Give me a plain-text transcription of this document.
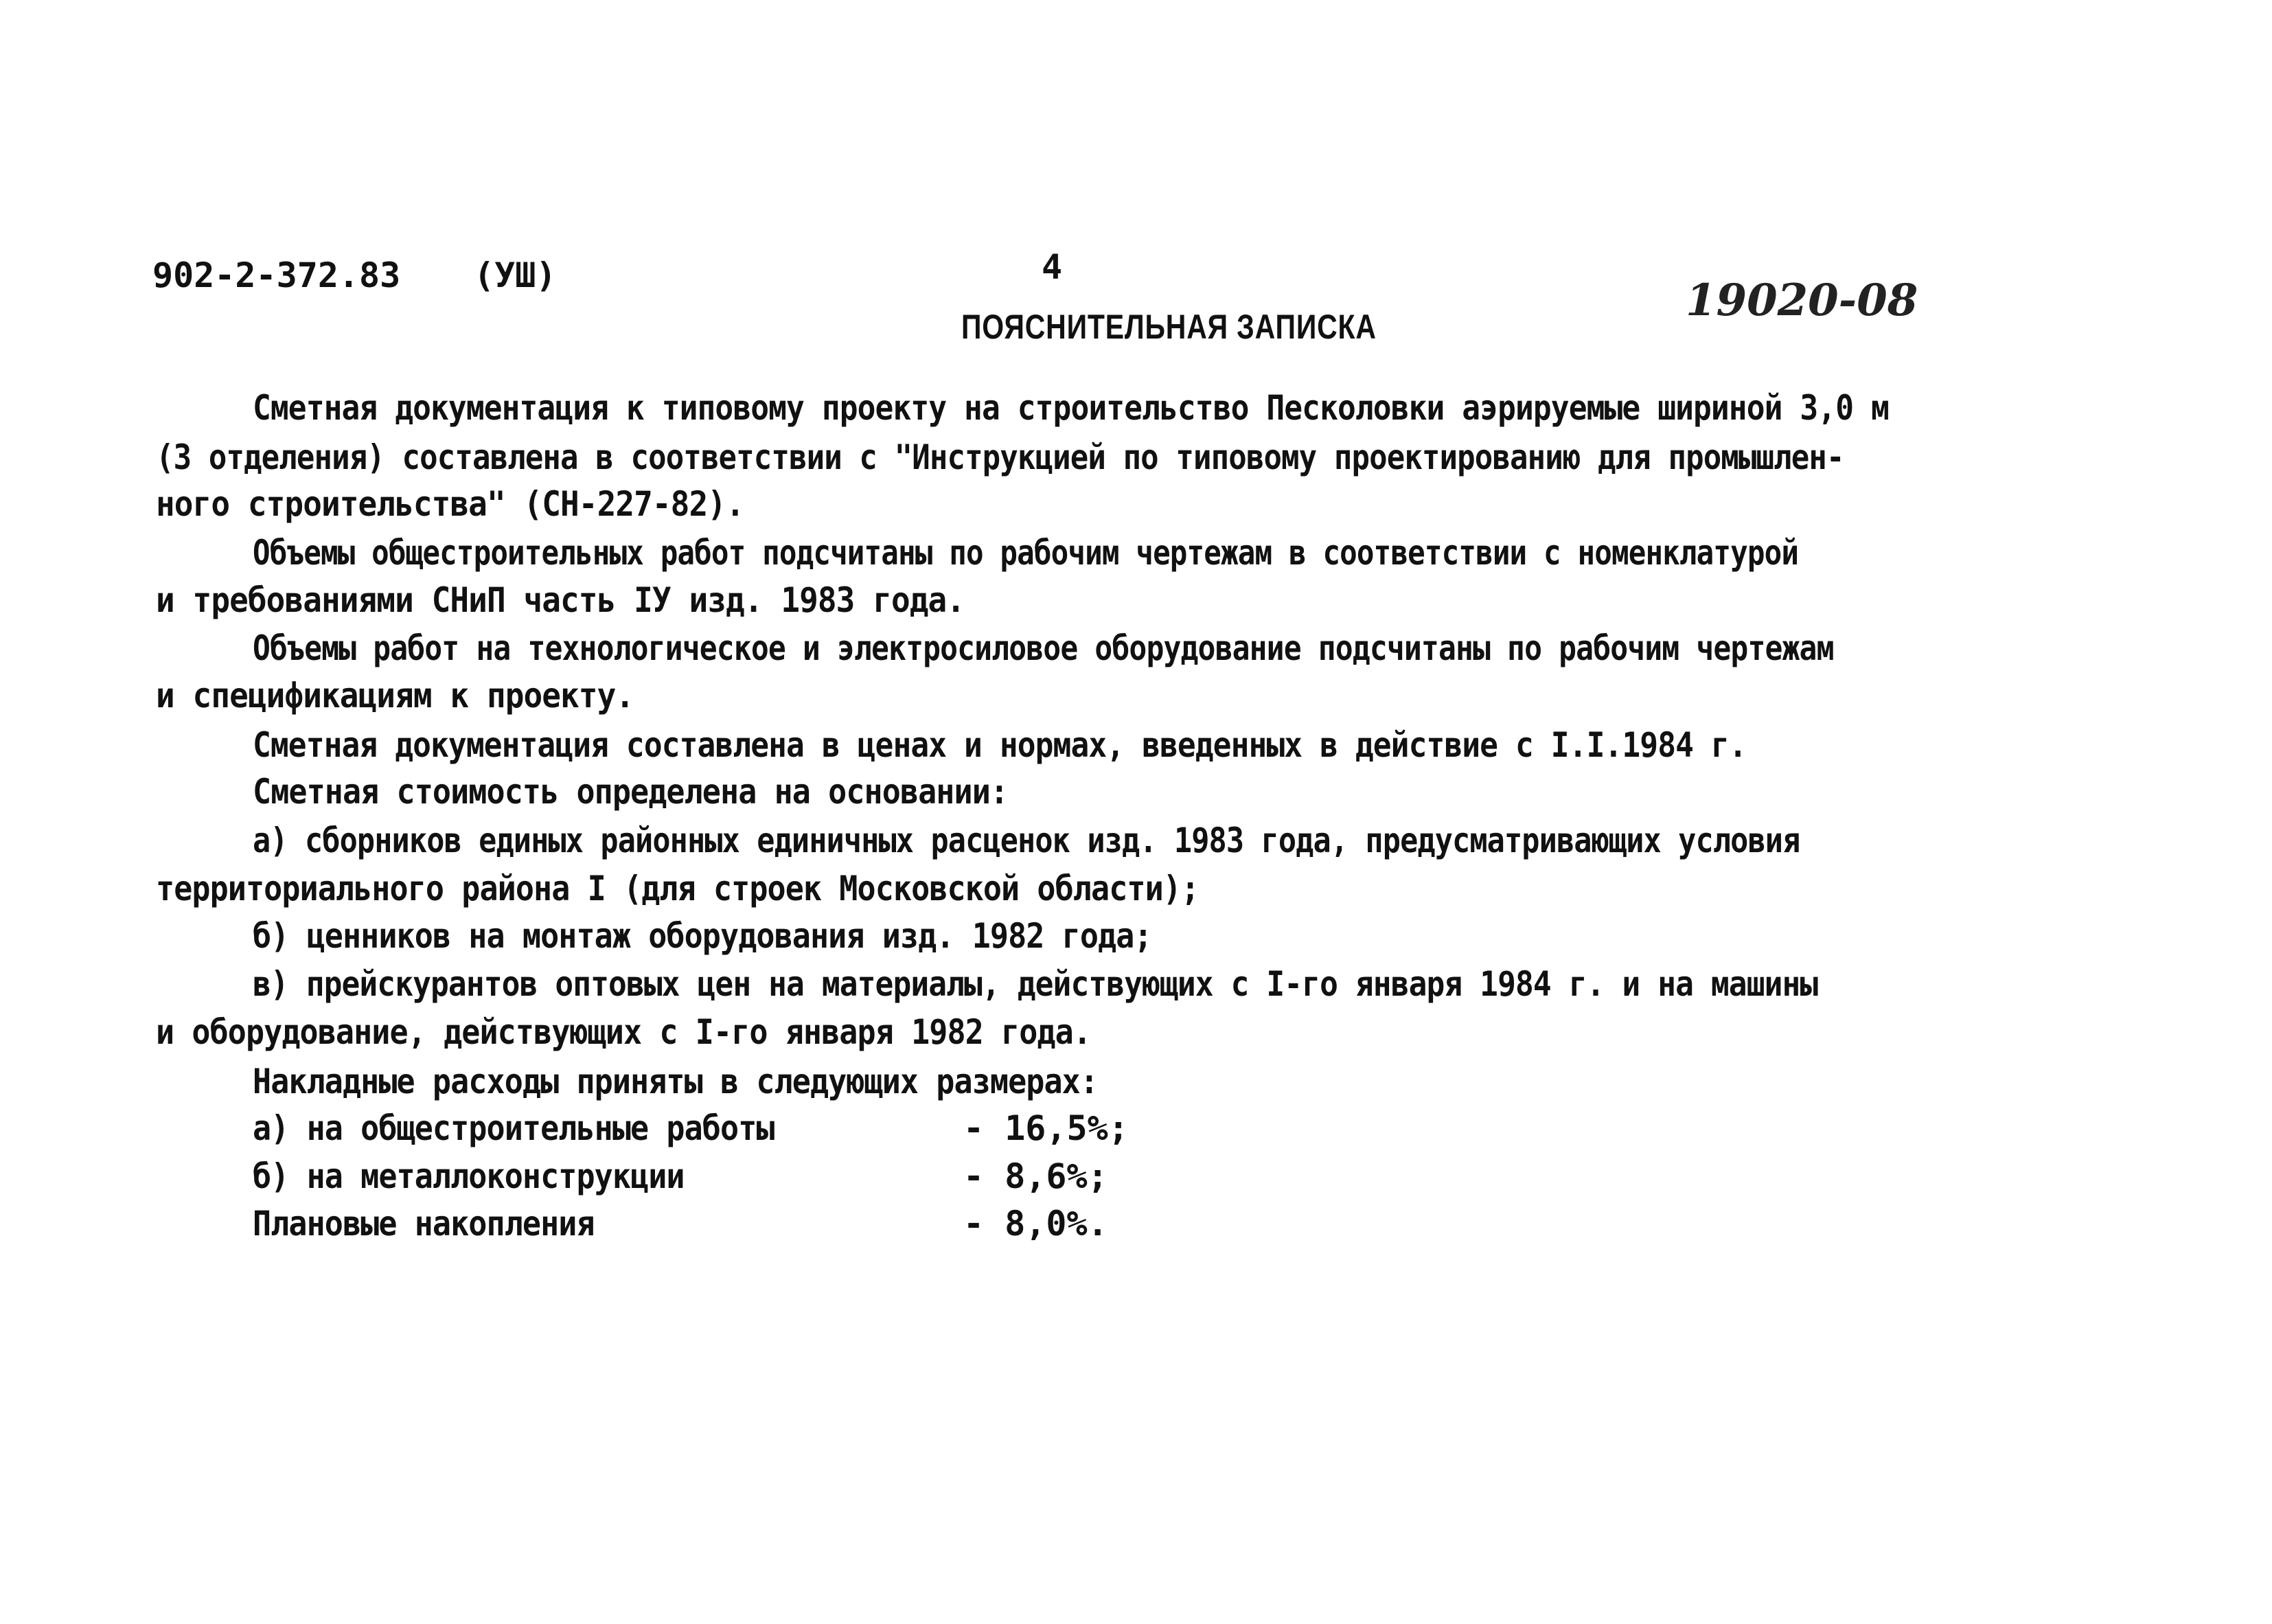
902-2-372.83 (УШ)	4
19020-08
ПОЯСНИТЕЛЬНАЯ ЗАПИСКА
Сметная документация к типовому проекту на строительство Песколовки аэрируемые шириной 3,0 м
(3 отделения) составлена в соответствии с "Инструкцией по типовому проектированию для промышлен-
ного строительства" (СН-227-82).
Объемы общестроительных работ подсчитаны по рабочим чертежам в соответствии с номенклатурой
и требованиями СНиП часть IУ изд. 1983 года.
Объемы работ на технологическое и электросиловое оборудование подсчитаны по рабочим чертежам
и спецификациям к проекту.
Сметная документация составлена в ценах и нормах, введенных в действие с I.I.1984 г.
Сметная стоимость определена на основании:
а) сборников единых районных единичных расценок изд. 1983 года, предусматривающих условия
территориального района I (для строек Московской области);
б) ценников на монтаж оборудования изд. 1982 года;
в) прейскурантов оптовых цен на материалы, действующих с I-го января 1984 г. и на машины
и оборудование, действующих с I-го января 1982 года.
Накладные расходы приняты в следующих размерах:
а) на общестроительные работы	- 16,5%;
б) на металлоконструкции	- 8,6%;
Плановые накопления	- 8,0%.
